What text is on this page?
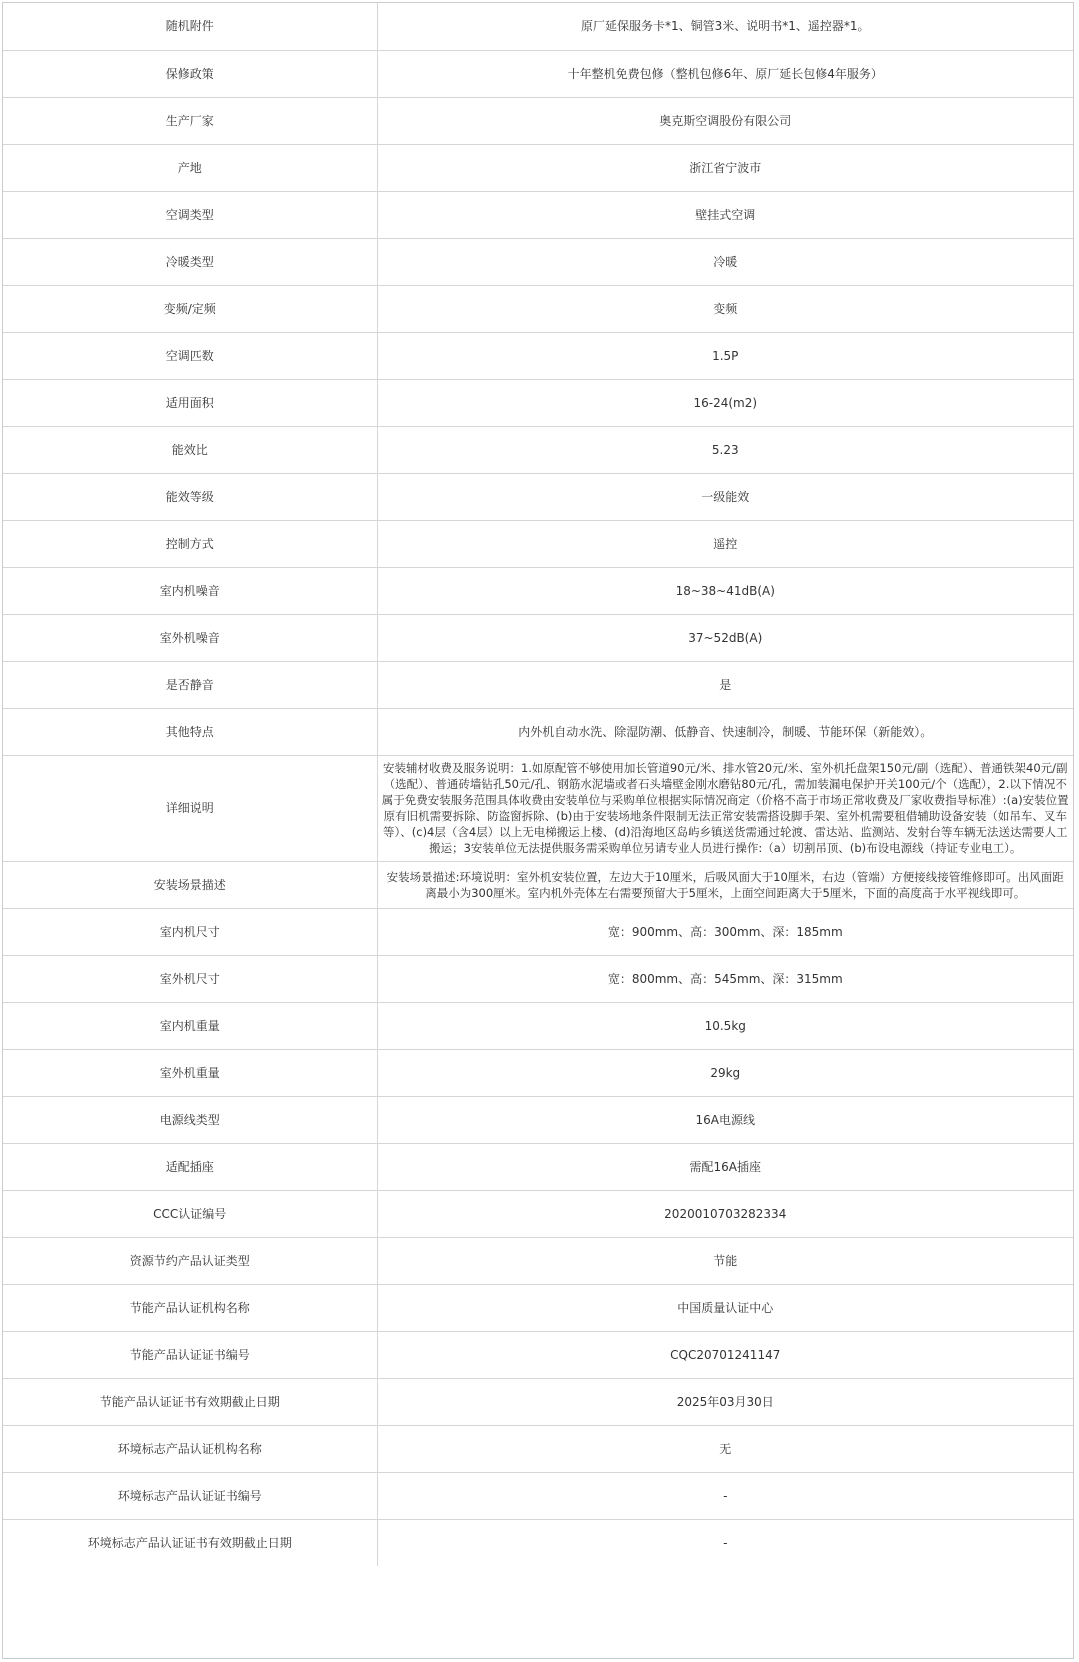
随机附件	原厂延保服务卡*1、铜管3米、说明书*1、遥控器*1。
保修政策	十年整机免费包修（整机包修6年、原厂延长包修4年服务）
生产厂家	奥克斯空调股份有限公司
产地	浙江省宁波市
空调类型	壁挂式空调
冷暖类型	冷暖
变频/定频	变频
空调匹数	1.5P
适用面积	16-24(m2)
能效比	5.23
能效等级	一级能效
控制方式	遥控
室内机噪音	18~38~41dB(A)
室外机噪音	37~52dB(A)
是否静音	是
其他特点	内外机自动水洗、除湿防潮、低静音、快速制冷，制暖、节能环保（新能效）。
详细说明	安装辅材收费及服务说明：1.如原配管不够使用加长管道90元/米、排水管20元/米、室外机托盘架150元/副（选配）、普通铁架40元/副（选配）、普通砖墙钻孔50元/孔、钢筋水泥墙或者石头墙壁金刚水磨钻80元/孔，需加装漏电保护开关100元/个（选配），2.以下情况不属于免费安装服务范围具体收费由安装单位与采购单位根据实际情况商定（价格不高于市场正常收费及厂家收费指导标准）:(a)安装位置原有旧机需要拆除、防盗窗拆除、(b)由于安装场地条件限制无法正常安装需搭设脚手架、室外机需要租借辅助设备安装（如吊车、叉车等）、(c)4层（含4层）以上无电梯搬运上楼、(d)沿海地区岛屿乡镇送货需通过轮渡、雷达站、监测站、发射台等车辆无法送达需要人工搬运；3安装单位无法提供服务需采购单位另请专业人员进行操作:（a）切割吊顶、(b)布设电源线（持证专业电工）。
安装场景描述	安装场景描述:环境说明：室外机安装位置，左边大于10厘米，后吸风面大于10厘米，右边（管端）方便接线接管维修即可。出风面距离最小为300厘米。室内机外壳体左右需要预留大于5厘米，上面空间距离大于5厘米，下面的高度高于水平视线即可。
室内机尺寸	宽：900mm、高：300mm、深：185mm
室外机尺寸	宽：800mm、高：545mm、深：315mm
室内机重量	10.5kg
室外机重量	29kg
电源线类型	16A电源线
适配插座	需配16A插座
CCC认证编号	2020010703282334
资源节约产品认证类型	节能
节能产品认证机构名称	中国质量认证中心
节能产品认证证书编号	CQC20701241147
节能产品认证证书有效期截止日期	2025年03月30日
环境标志产品认证机构名称	无
环境标志产品认证证书编号	-
环境标志产品认证证书有效期截止日期	-
